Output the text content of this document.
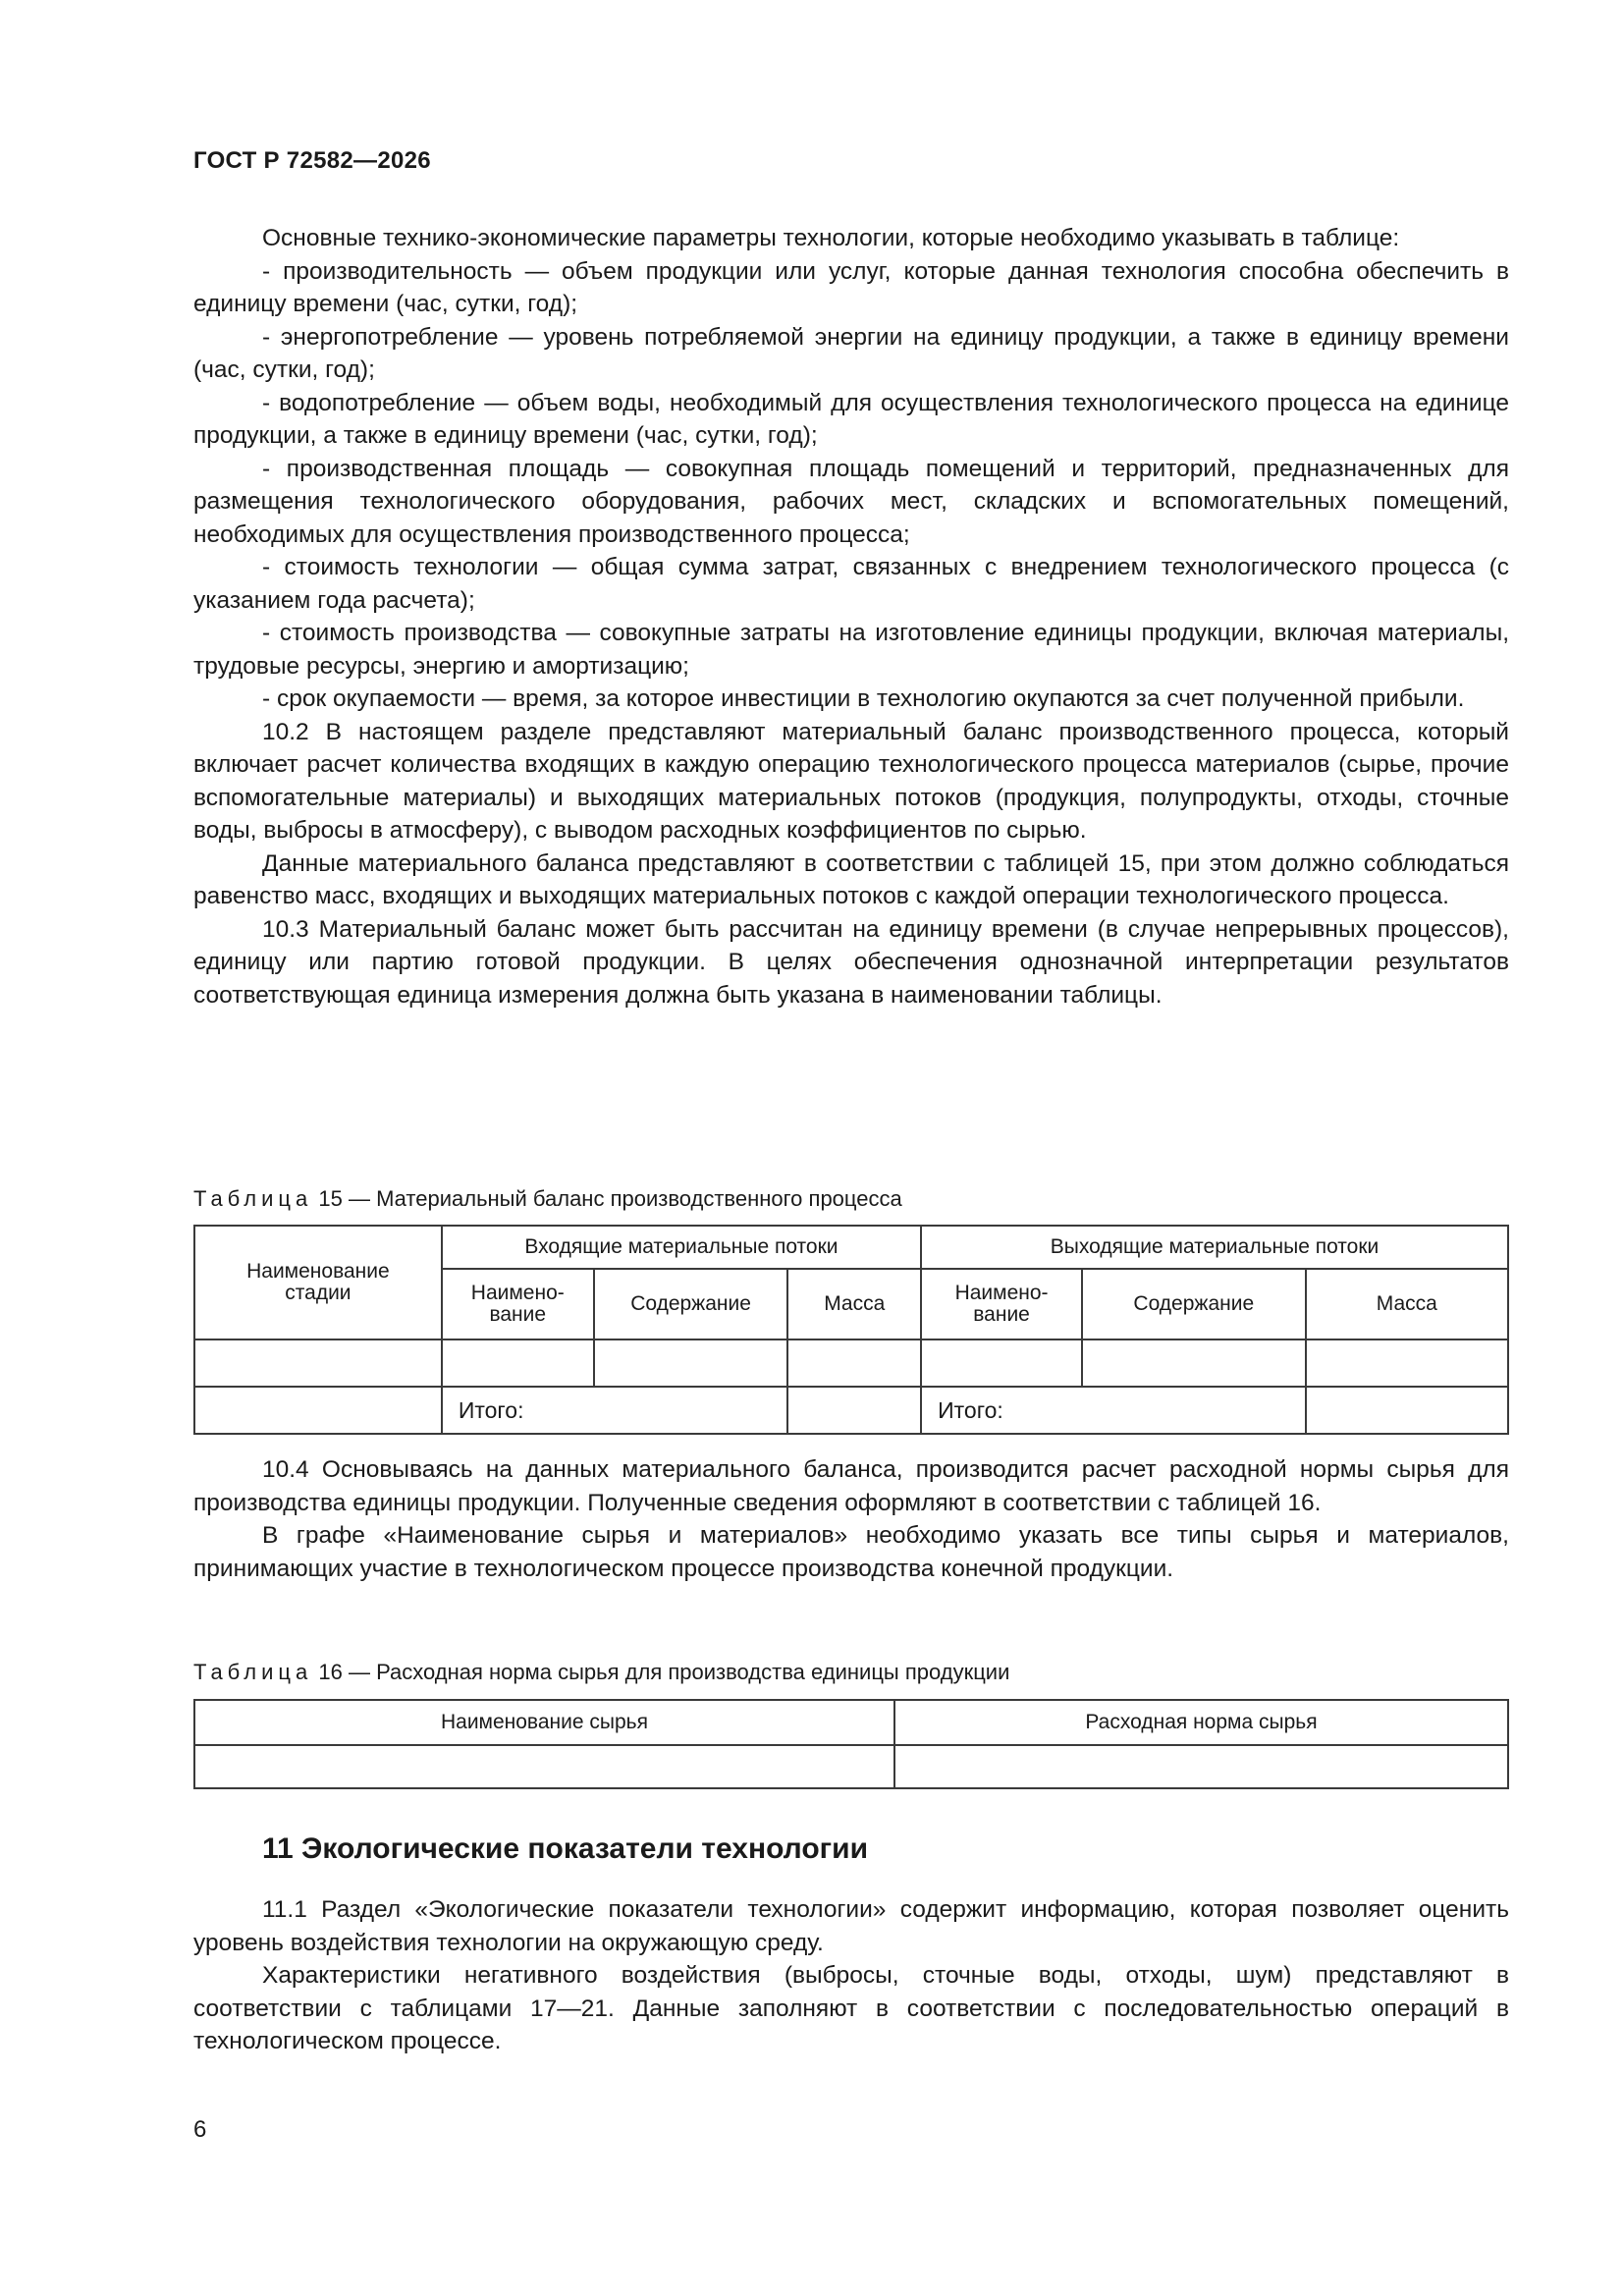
ГОСТ Р 72582—2026

Основные технико-экономические параметры технологии, которые необходимо указывать в таблице:

- производительность — объем продукции или услуг, которые данная технология способна обеспечить в единицу времени (час, сутки, год);

- энергопотребление — уровень потребляемой энергии на единицу продукции, а также в единицу времени (час, сутки, год);

- водопотребление — объем воды, необходимый для осуществления технологического процесса на единице продукции, а также в единицу времени (час, сутки, год);

- производственная площадь — совокупная площадь помещений и территорий, предназначенных для размещения технологического оборудования, рабочих мест, складских и вспомогательных помещений, необходимых для осуществления производственного процесса;

- стоимость технологии — общая сумма затрат, связанных с внедрением технологического процесса (с указанием года расчета);

- стоимость производства — совокупные затраты на изготовление единицы продукции, включая материалы, трудовые ресурсы, энергию и амортизацию;

- срок окупаемости — время, за которое инвестиции в технологию окупаются за счет полученной прибыли.

10.2 В настоящем разделе представляют материальный баланс производственного процесса, который включает расчет количества входящих в каждую операцию технологического процесса материалов (сырье, прочие вспомогательные материалы) и выходящих материальных потоков (продукция, полупродукты, отходы, сточные воды, выбросы в атмосферу), с выводом расходных коэффициентов по сырью.

Данные материального баланса представляют в соответствии с таблицей 15, при этом должно соблюдаться равенство масс, входящих и выходящих материальных потоков с каждой операции технологического процесса.

10.3 Материальный баланс может быть рассчитан на единицу времени (в случае непрерывных процессов), единицу или партию готовой продукции. В целях обеспечения однозначной интерпретации результатов соответствующая единица измерения должна быть указана в наименовании таблицы.

Таблица 15 — Материальный баланс производственного процесса
Наименование стадии	Входящие материальные потоки			Выходящие материальные потоки		
	Наимено-вание	Содержание	Масса	Наимено-вание	Содержание	Масса

	Итого:			Итого:		

10.4 Основываясь на данных материального баланса, производится расчет расходной нормы сырья для производства единицы продукции. Полученные сведения оформляют в соответствии с таблицей 16.

В графе «Наименование сырья и материалов» необходимо указать все типы сырья и материалов, принимающих участие в технологическом процессе производства конечной продукции.

Таблица 16 — Расходная норма сырья для производства единицы продукции
Наименование сырья	Расходная норма сырья

11 Экологические показатели технологии

11.1 Раздел «Экологические показатели технологии» содержит информацию, которая позволяет оценить уровень воздействия технологии на окружающую среду.

Характеристики негативного воздействия (выбросы, сточные воды, отходы, шум) представляют в соответствии с таблицами 17—21. Данные заполняют в соответствии с последовательностью операций в технологическом процессе.

6
